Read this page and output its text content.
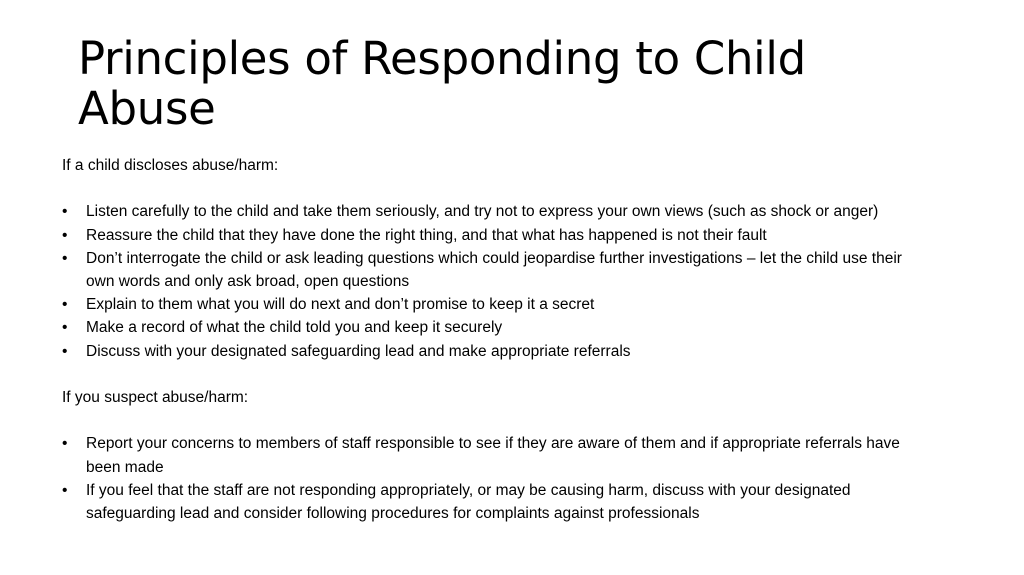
Principles of Responding to Child Abuse

If a child discloses abuse/harm:

• Listen carefully to the child and take them seriously, and try not to express your own views (such as shock or anger)
• Reassure the child that they have done the right thing, and that what has happened is not their fault
• Don’t interrogate the child or ask leading questions which could jeopardise further investigations – let the child use their own words and only ask broad, open questions
• Explain to them what you will do next and don’t promise to keep it a secret
• Make a record of what the child told you and keep it securely
• Discuss with your designated safeguarding lead and make appropriate referrals

If you suspect abuse/harm:

• Report your concerns to members of staff responsible to see if they are aware of them and if appropriate referrals have been made
• If you feel that the staff are not responding appropriately, or may be causing harm, discuss with your designated safeguarding lead and consider following procedures for complaints against professionals
